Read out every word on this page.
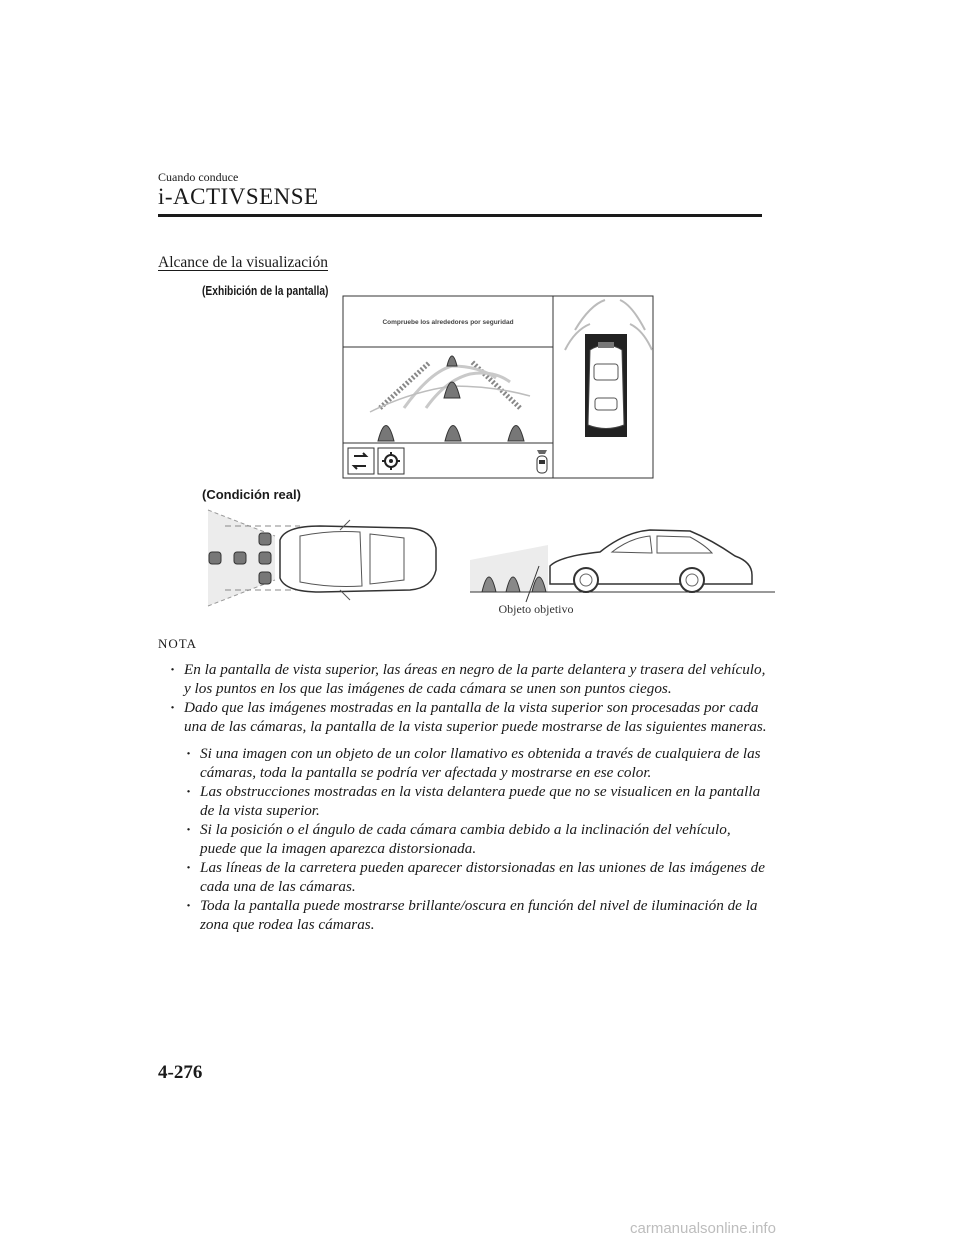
Cuando conduce
i-ACTIVSENSE
Alcance de la visualización
Compruebe los alrededores por seguridad
Objeto objetivo
(Exhibición de la pantalla)
(Condición real)
NOTA
· En la pantalla de vista superior, las áreas en negro de la parte delantera y trasera del vehículo, y los puntos en los que las imágenes de cada cámara se unen son puntos ciegos.
· Dado que las imágenes mostradas en la pantalla de la vista superior son procesadas por cada una de las cámaras, la pantalla de la vista superior puede mostrarse de las siguientes maneras.
· Si una imagen con un objeto de un color llamativo es obtenida a través de cualquiera de las cámaras, toda la pantalla se podría ver afectada y mostrarse en ese color.
· Las obstrucciones mostradas en la vista delantera puede que no se visualicen en la pantalla de la vista superior.
· Si la posición o el ángulo de cada cámara cambia debido a la inclinación del vehículo, puede que la imagen aparezca distorsionada.
· Las líneas de la carretera pueden aparecer distorsionadas en las uniones de las imágenes de cada una de las cámaras.
· Toda la pantalla puede mostrarse brillante/oscura en función del nivel de iluminación de la zona que rodea las cámaras.
4-276
carmanualsonline.info
